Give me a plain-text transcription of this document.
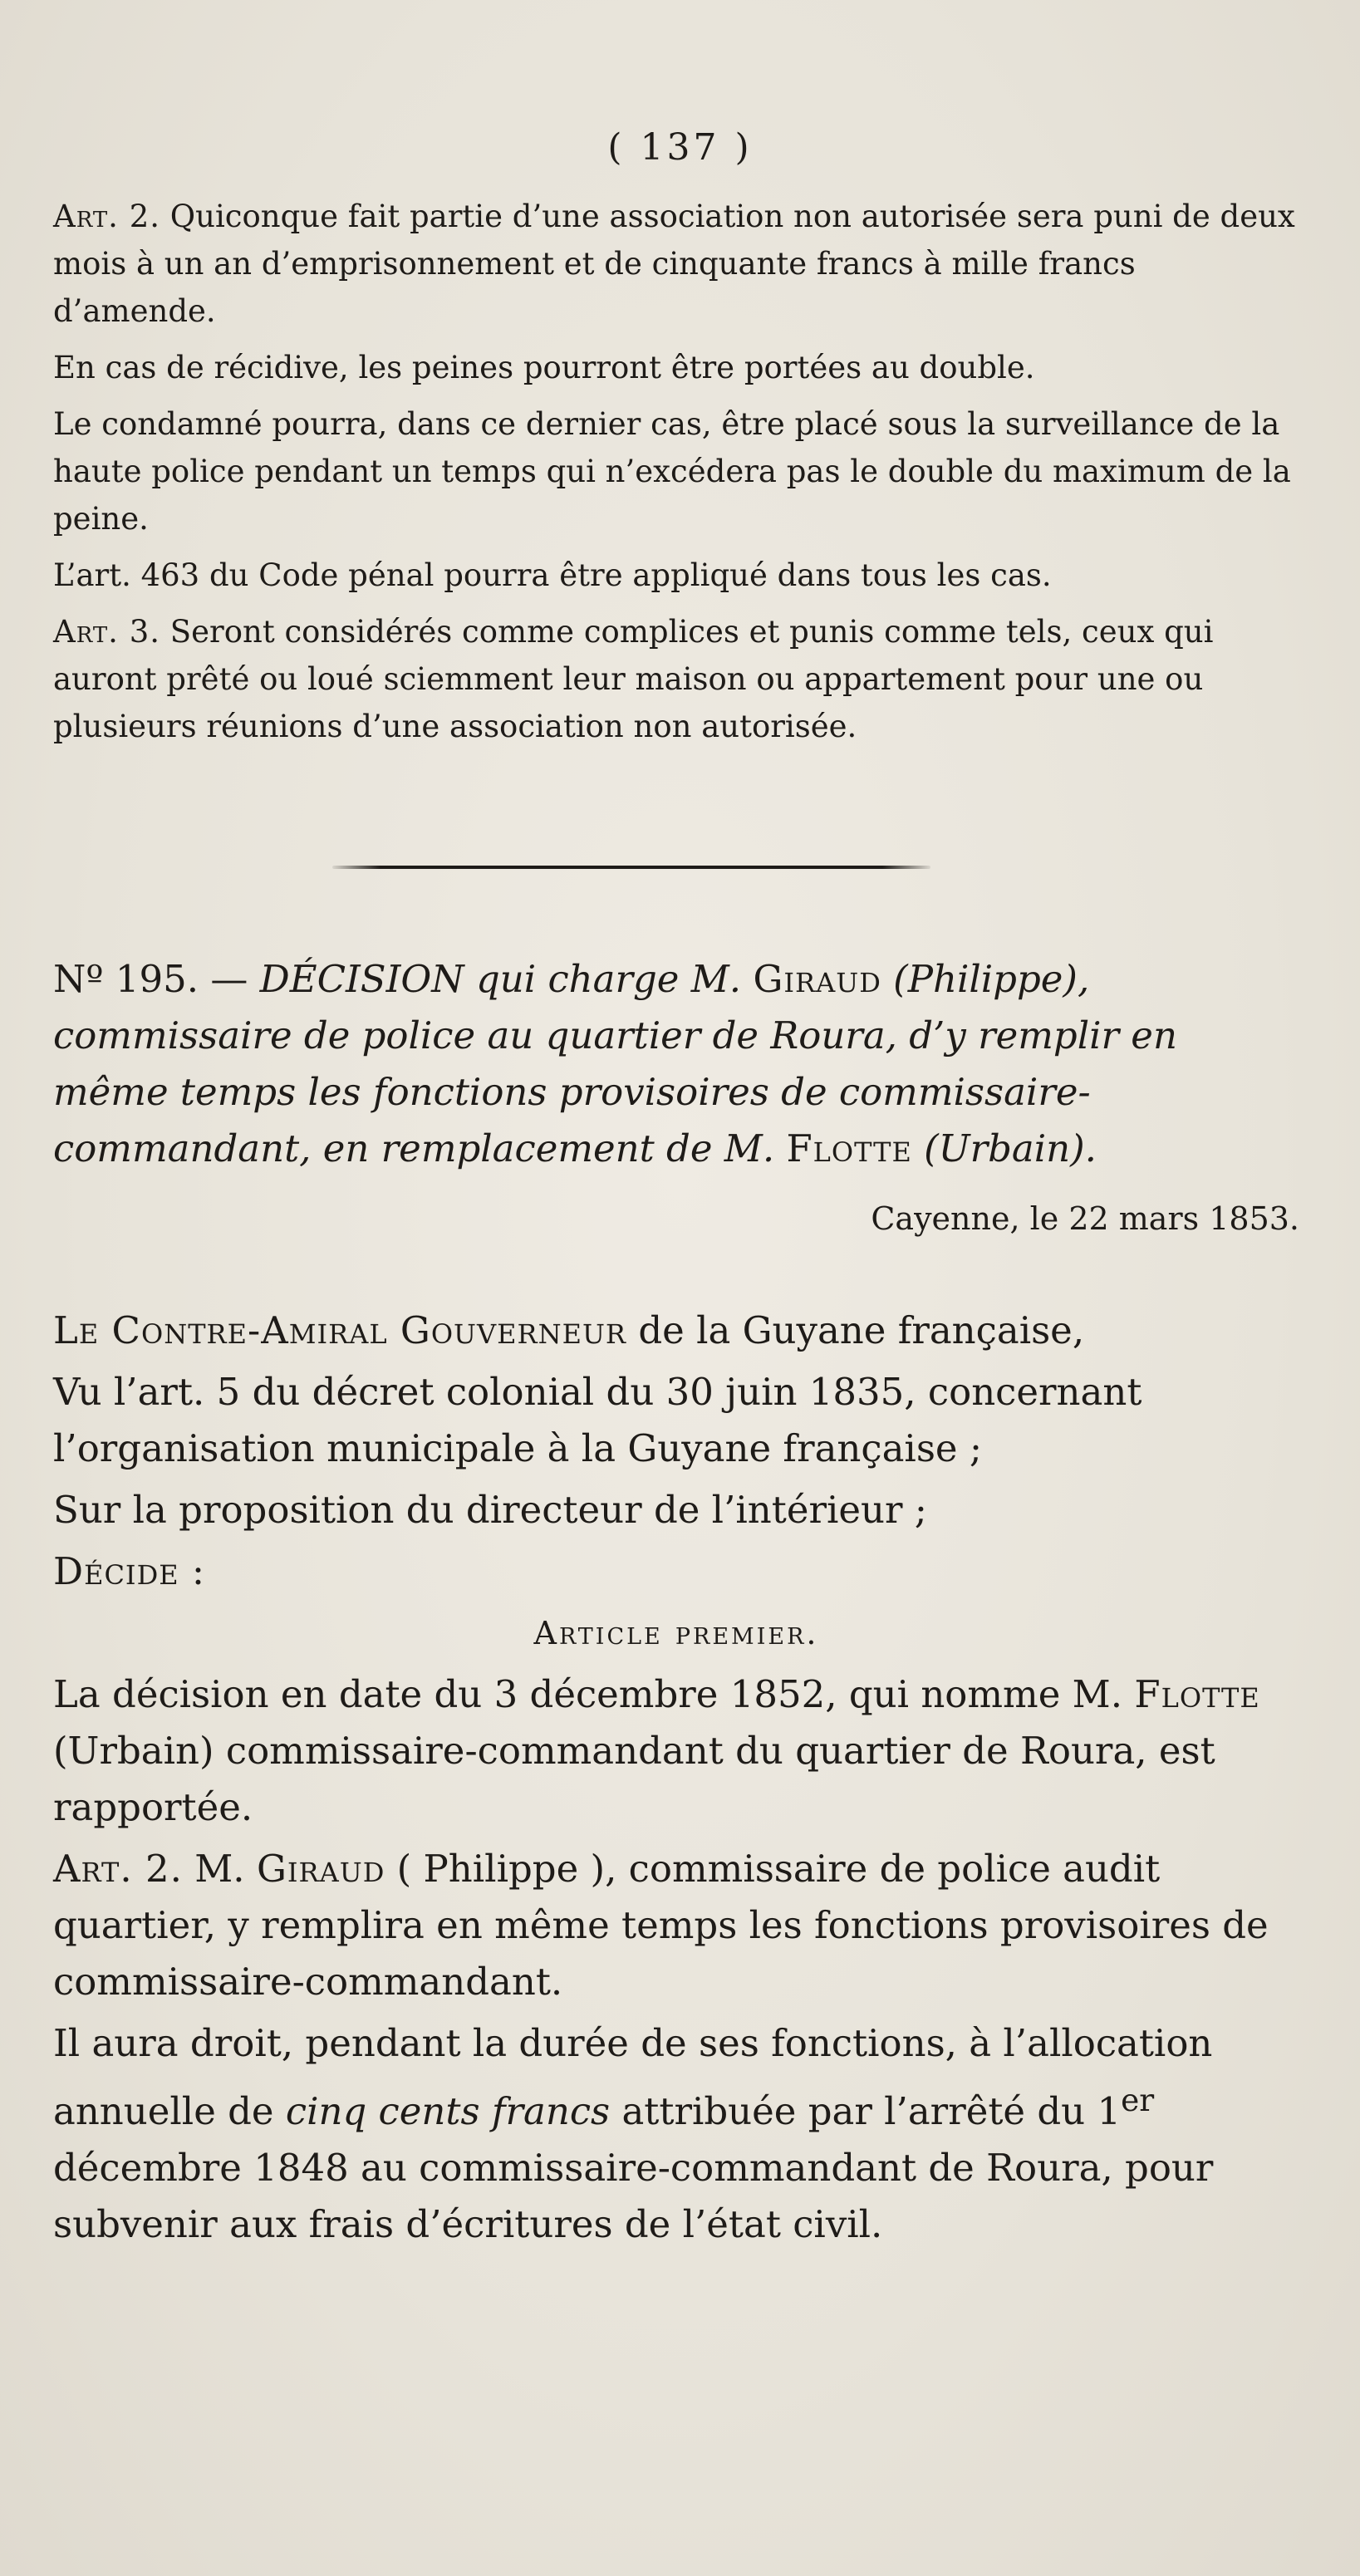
( 137 )

Art. 2. Quiconque fait partie d’une association non autorisée sera puni de deux mois à un an d’emprisonnement et de cinquante francs à mille francs d’amende.

En cas de récidive, les peines pourront être portées au double.

Le condamné pourra, dans ce dernier cas, être placé sous la surveillance de la haute police pendant un temps qui n’excédera pas le double du maximum de la peine.

L’art. 463 du Code pénal pourra être appliqué dans tous les cas.

Art. 3. Seront considérés comme complices et punis comme tels, ceux qui auront prêté ou loué sciemment leur maison ou appartement pour une ou plusieurs réunions d’une association non autorisée.

Nº 195. — DÉCISION qui charge M. Giraud (Philippe), commissaire de police au quartier de Roura, d’y remplir en même temps les fonctions provisoires de commissaire-commandant, en remplacement de M. Flotte (Urbain).

Cayenne, le 22 mars 1853.

Le Contre-Amiral Gouverneur de la Guyane française,

Vu l’art. 5 du décret colonial du 30 juin 1835, concernant l’organisation municipale à la Guyane française ;

Sur la proposition du directeur de l’intérieur ;

Décide :

Article premier.

La décision en date du 3 décembre 1852, qui nomme M. Flotte (Urbain) commissaire-commandant du quartier de Roura, est rapportée.

Art. 2. M. Giraud ( Philippe ), commissaire de police audit quartier, y remplira en même temps les fonctions provisoires de commissaire-commandant.

Il aura droit, pendant la durée de ses fonctions, à l’allocation annuelle de cinq cents francs attribuée par l’arrêté du 1er décembre 1848 au commissaire-commandant de Roura, pour subvenir aux frais d’écritures de l’état civil.
